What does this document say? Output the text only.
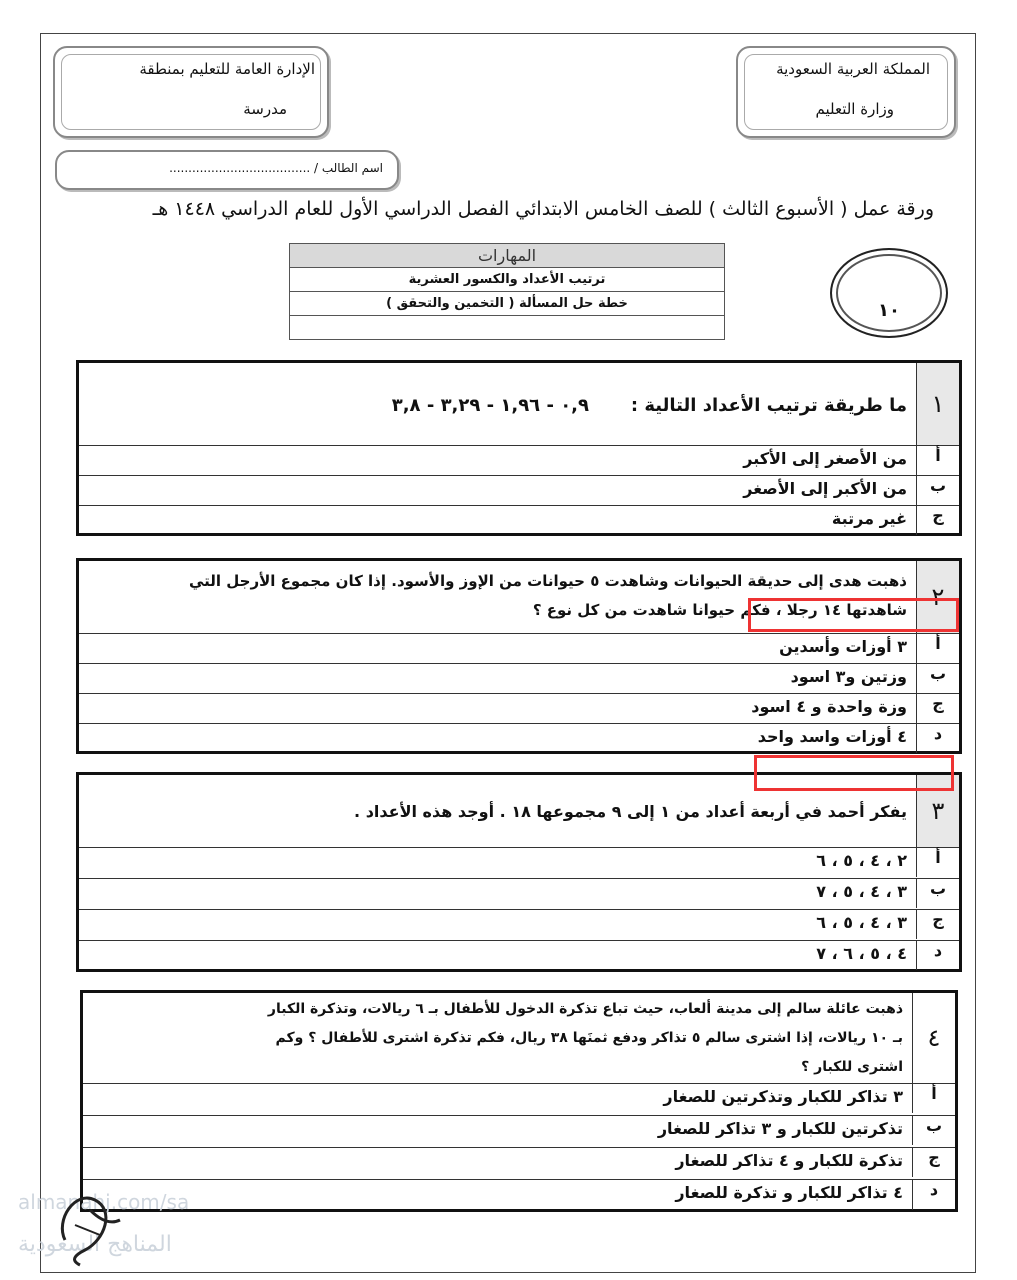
المملكة العربية السعودية
وزارة التعليم
الإدارة العامة للتعليم بمنطقة
مدرسة
اسم الطالب / .....................................
ورقة عمل ( الأسبوع الثالث ) للصف الخامس الابتدائي الفصل الدراسي الأول للعام الدراسي ١٤٤٨ هـ
المهارات
ترتيب الأعداد والكسور العشرية
خطة حل المسألة ( التخمين والتحقق )	١٠
١
ما طريقة ترتيب الأعداد التالية :
٠,٩ - ١,٩٦ - ٣,٢٩ - ٣,٨
أ
من الأصغر إلى الأكبر
ب
من الأكبر إلى الأصغر
ج
غير مرتبة
٢
ذهبت هدى إلى حديقة الحيوانات وشاهدت ٥ حيوانات من الإوز والأسود. إذا كان مجموع الأرجل التي
شاهدتها ١٤ رجلا ، فكم حيوانا شاهدت من كل نوع ؟
أ
٣ أوزات وأسدين
ب
وزتين و٣ اسود
ج
وزة واحدة و ٤ اسود
د
٤ أوزات واسد واحد
٣
يفكر أحمد في أربعة أعداد من ١ إلى ٩ مجموعها ١٨ . أوجد هذه الأعداد .
أ
٢ ، ٤ ، ٥ ، ٦
ب
٣ ، ٤ ، ٥ ، ٧
ج
٣ ، ٤ ، ٥ ، ٦
د
٤ ، ٥ ، ٦ ، ٧
٤
ذهبت عائلة سالم إلى مدينة ألعاب، حيث تباع تذكرة الدخول للأطفال بـ ٦ ريالات، وتذكرة الكبار
بـ ١٠ ريالات، إذا اشترى سالم ٥ تذاكر ودفع ثمنَها ٣٨ ريال، فكم تذكرة اشترى للأطفال ؟ وكم
اشترى للكبار ؟
أ
٣ تذاكر للكبار وتذكرتين للصغار
ب
تذكرتين للكبار و ٣ تذاكر للصغار
ج
تذكرة للكبار و ٤ تذاكر للصغار
د
٤ تذاكر للكبار و تذكرة للصغار
almanahj.com/sa
المناهج السعودية
